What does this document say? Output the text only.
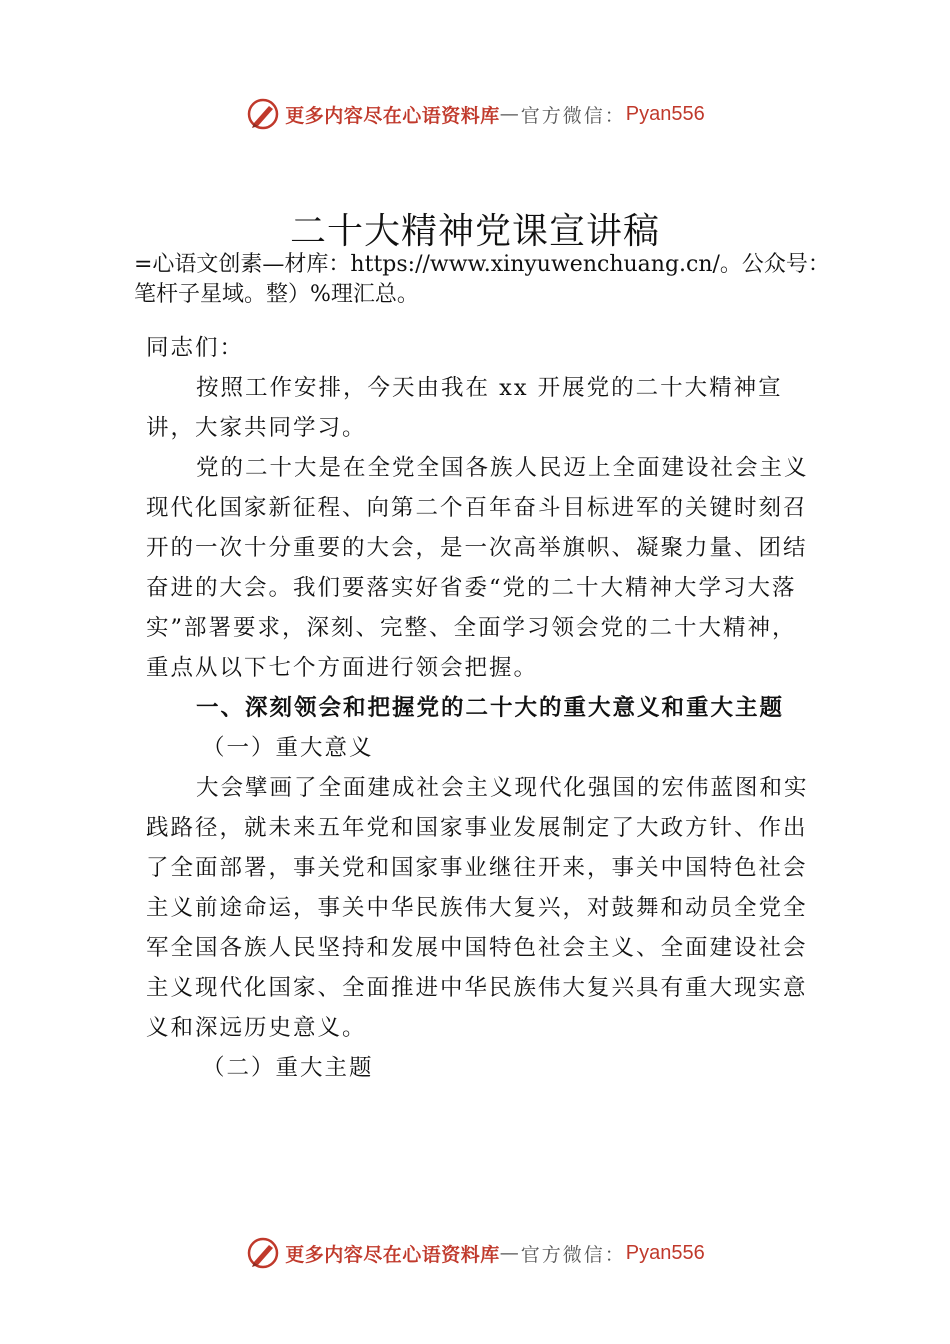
更多内容尽在心语资料库 — 官方微信： Pyan556
二十大精神党课宣讲稿

=心语文创素—材库：https://www.xinyuwenchuang.cn/。公众号：笔杆子星域。整）%理汇总。

同志们：

按照工作安排，今天由我在 xx 开展党的二十大精神宣讲，大家共同学习。

党的二十大是在全党全国各族人民迈上全面建设社会主义现代化国家新征程、向第二个百年奋斗目标进军的关键时刻召开的一次十分重要的大会，是一次高举旗帜、凝聚力量、团结奋进的大会。我们要落实好省委“党的二十大精神大学习大落实”部署要求，深刻、完整、全面学习领会党的二十大精神，重点从以下七个方面进行领会把握。

一、深刻领会和把握党的二十大的重大意义和重大主题

（一）重大意义

大会擘画了全面建成社会主义现代化强国的宏伟蓝图和实践路径，就未来五年党和国家事业发展制定了大政方针、作出了全面部署，事关党和国家事业继往开来，事关中国特色社会主义前途命运，事关中华民族伟大复兴，对鼓舞和动员全党全军全国各族人民坚持和发展中国特色社会主义、全面建设社会主义现代化国家、全面推进中华民族伟大复兴具有重大现实意义和深远历史意义。

（二）重大主题

更多内容尽在心语资料库 — 官方微信： Pyan556
